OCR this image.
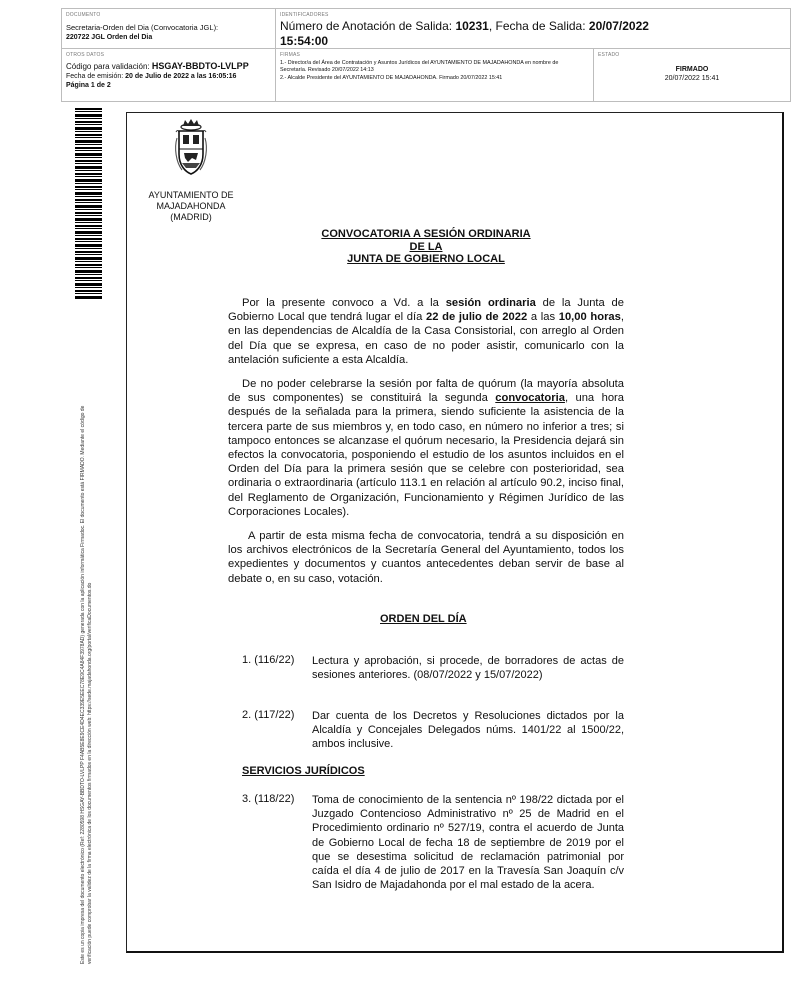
DOCUMENTO
Secretaria-Orden del Dia (Convocatoria JGL):
220722 JGL Orden del Dia
IDENTIFICADORES
Número de Anotación de Salida: 10231, Fecha de Salida: 20/07/2022
15:54:00
OTROS DATOS
Código para validación: HSGAY-BBDTO-LVLPP
Fecha de emisión: 20 de Julio de 2022 a las 16:05:16
Página 1 de 2
FIRMAS
1.- Director/a del Área de Contratación y Asuntos Jurídicos del AYUNTAMIENTO DE MAJADAHONDA en nombre de
Secretaría. Revisado 20/07/2022 14:13
2.- Alcalde Presidente del AYUNTAMIENTO DE MAJADAHONDA. Firmado 20/07/2022 15:41
ESTADO
FIRMADO
20/07/2022 15:41
Este es un copia impresa del documento electrónico (Ref: 2280598 HSGAY-BBDTO-LVLPP F4AB5E8E9CE4D4EC339E5EEC78E9C4A84F3978AD) generada con la aplicación informática Firmadoc. El documento está FIRMADO. Mediante el código de verificación puede comprobar la validez de la firma electrónica de los documentos firmados en la dirección web: https://sede.majadahonda.org/portal/verificaDocumentos.do
AYUNTAMIENTO DE
MAJADAHONDA
(MADRID)
CONVOCATORIA A SESIÓN ORDINARIA
DE LA
JUNTA DE GOBIERNO LOCAL
Por la presente convoco a Vd. a la sesión ordinaria de la Junta de Gobierno Local que tendrá lugar el día 22 de julio de 2022 a las 10,00 horas, en las dependencias de Alcaldía de la Casa Consistorial, con arreglo al Orden del Día que se expresa, en caso de no poder asistir, comunicarlo con la antelación suficiente a esta Alcaldía.
De no poder celebrarse la sesión por falta de quórum (la mayoría absoluta de sus componentes) se constituirá la segunda convocatoria, una hora después de la señalada para la primera, siendo suficiente la asistencia de la tercera parte de sus miembros y, en todo caso, en número no inferior a tres; si tampoco entonces se alcanzase el quórum necesario, la Presidencia dejará sin efectos la convocatoria, posponiendo el estudio de los asuntos incluidos en el Orden del Día para la primera sesión que se celebre con posterioridad, sea ordinaria o extraordinaria (artículo 113.1 en relación al artículo 90.2, inciso final, del Reglamento de Organización, Funcionamiento y Régimen Jurídico de las Corporaciones Locales).
A partir de esta misma fecha de convocatoria, tendrá a su disposición en los archivos electrónicos de la Secretaría General del Ayuntamiento, todos los expedientes y documentos y cuantos antecedentes deban servir de base al debate o, en su caso, votación.
ORDEN DEL DÍA
1. (116/22) Lectura y aprobación, si procede, de borradores de actas de sesiones anteriores. (08/07/2022 y 15/07/2022)
2. (117/22) Dar cuenta de los Decretos y Resoluciones dictados por la Alcaldía y Concejales Delegados núms. 1401/22 al 1500/22, ambos inclusive.
SERVICIOS JURÍDICOS
3. (118/22) Toma de conocimiento de la sentencia nº 198/22 dictada por el Juzgado Contencioso Administrativo nº 25 de Madrid en el Procedimiento ordinario nº 527/19, contra el acuerdo de Junta de Gobierno Local de fecha 18 de septiembre de 2019 por el que se desestima solicitud de reclamación patrimonial por caída el día 4 de julio de 2017 en la Travesía San Joaquín c/v San Isidro de Majadahonda por el mal estado de la acera.
